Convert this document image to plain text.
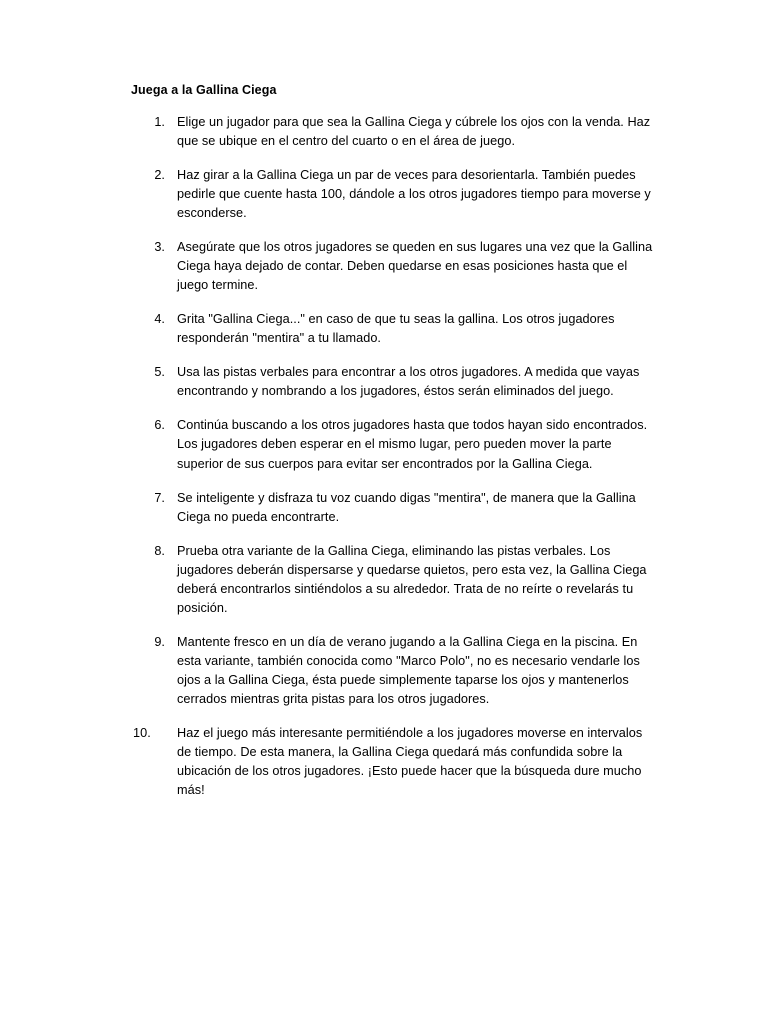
Juega a la Gallina Ciega
1. Elige un jugador para que sea la Gallina Ciega y cúbrele los ojos con la venda. Haz que se ubique en el centro del cuarto o en el área de juego.
2. Haz girar a la Gallina Ciega un par de veces para desorientarla. También puedes pedirle que cuente hasta 100, dándole a los otros jugadores tiempo para moverse y esconderse.
3. Asegúrate que los otros jugadores se queden en sus lugares una vez que la Gallina Ciega haya dejado de contar. Deben quedarse en esas posiciones hasta que el juego termine.
4. Grita "Gallina Ciega..." en caso de que tu seas la gallina. Los otros jugadores responderán "mentira" a tu llamado.
5. Usa las pistas verbales para encontrar a los otros jugadores. A medida que vayas encontrando y nombrando a los jugadores, éstos serán eliminados del juego.
6. Continúa buscando a los otros jugadores hasta que todos hayan sido encontrados. Los jugadores deben esperar en el mismo lugar, pero pueden mover la parte superior de sus cuerpos para evitar ser encontrados por la Gallina Ciega.
7. Se inteligente y disfraza tu voz cuando digas "mentira", de manera que la Gallina Ciega no pueda encontrarte.
8. Prueba otra variante de la Gallina Ciega, eliminando las pistas verbales. Los jugadores deberán dispersarse y quedarse quietos, pero esta vez, la Gallina Ciega deberá encontrarlos sintiéndolos a su alrededor. Trata de no reírte o revelarás tu posición.
9. Mantente fresco en un día de verano jugando a la Gallina Ciega en la piscina. En esta variante, también conocida como "Marco Polo", no es necesario vendarle los ojos a la Gallina Ciega, ésta puede simplemente taparse los ojos y mantenerlos cerrados mientras grita pistas para los otros jugadores.
10.	Haz el juego más interesante permitiéndole a los jugadores moverse en intervalos de tiempo. De esta manera, la Gallina Ciega quedará más confundida sobre la ubicación de los otros jugadores. ¡Esto puede hacer que la búsqueda dure mucho más!
